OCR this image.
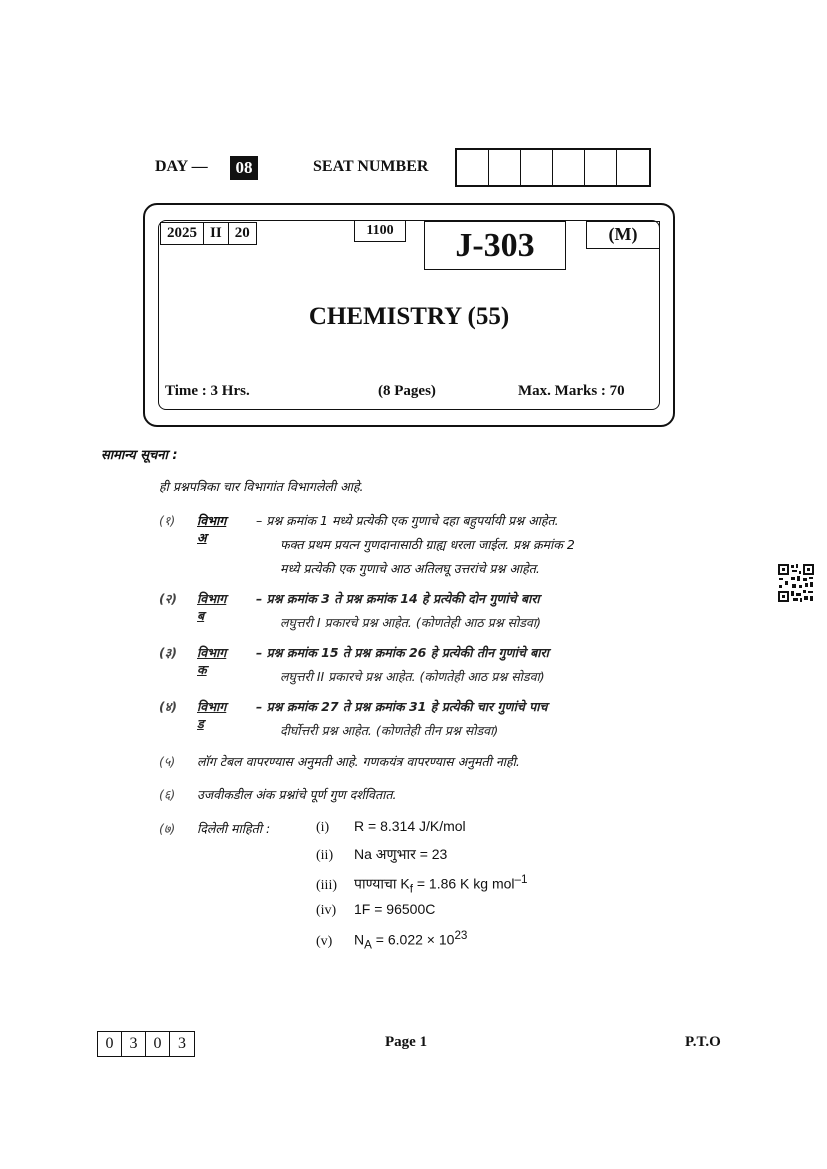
DAY —	08	SEAT NUMBER
2025 II 20	1100	J-303	(M)
CHEMISTRY (55)
Time : 3 Hrs.	(8 Pages)	Max. Marks : 70
सामान्य सूचना :
ही प्रश्नपत्रिका चार विभागांत विभागलेली आहे.
(१)	विभाग अ
– प्रश्न क्रमांक 1 मध्ये प्रत्येकी एक गुणाचे दहा बहुपर्यायी प्रश्न आहेत.
फक्त प्रथम प्रयत्न गुणदानासाठी ग्राह्य धरला जाईल. प्रश्न क्रमांक 2
मध्ये प्रत्येकी एक गुणाचे आठ अतिलघू उत्तरांचे प्रश्न आहेत.
(२)	विभाग ब
– प्रश्न क्रमांक 3 ते प्रश्न क्रमांक 14 हे प्रत्येकी दोन गुणांचे बारा
लघुत्तरी I प्रकारचे प्रश्न आहेत. (कोणतेही आठ प्रश्न सोडवा)
(३)	विभाग क
– प्रश्न क्रमांक 15 ते प्रश्न क्रमांक 26 हे प्रत्येकी तीन गुणांचे बारा
लघुत्तरी II प्रकारचे प्रश्न आहेत. (कोणतेही आठ प्रश्न सोडवा)
(४)	विभाग ड
– प्रश्न क्रमांक 27 ते प्रश्न क्रमांक 31 हे प्रत्येकी चार गुणांचे पाच
दीर्घोत्तरी प्रश्न आहेत. (कोणतेही तीन प्रश्न सोडवा)
(५) लॉग टेबल वापरण्यास अनुमती आहे. गणकयंत्र वापरण्यास अनुमती नाही.
(६) उजवीकडील अंक प्रश्नांचे पूर्ण गुण दर्शवितात.
(७) दिलेली माहिती :	(i) R = 8.314 J/K/mol
(ii) Na अणुभार = 23
(iii) पाण्याचा $K_f = 1.86$ K kg mol$^{-1}$
(iv) 1F = 96500C
(v) $N_A = 6.022 \times 10^{23}$
0	3	0	3	Page 1	P.T.O
